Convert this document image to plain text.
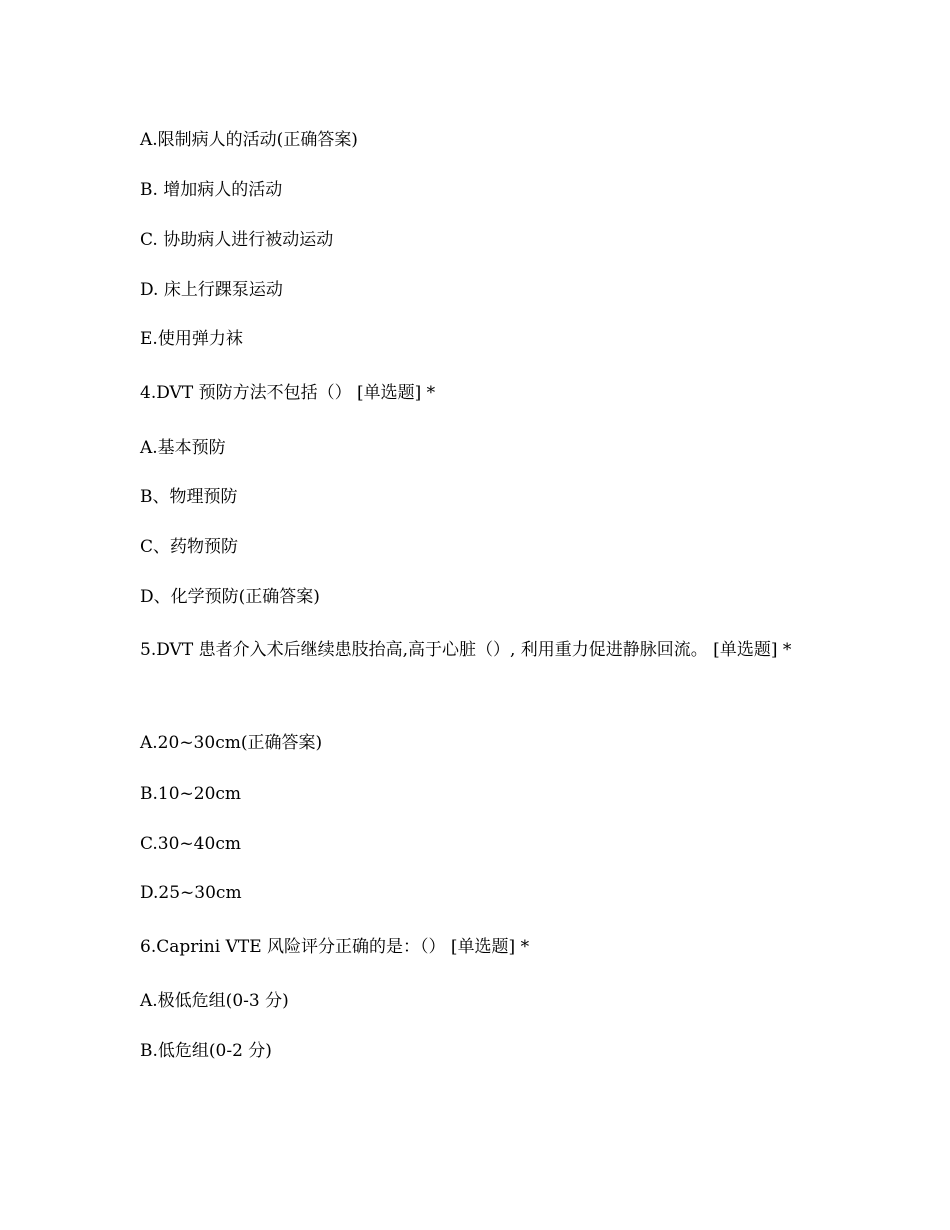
A.限制病人的活动(正确答案)
B. 增加病人的活动
C. 协助病人进行被动运动
D. 床上行踝泵运动
E.使用弹力袜
4.DVT 预防方法不包括（） [单选题] *
A.基本预防
B、物理预防
C、药物预防
D、化学预防(正确答案)
5.DVT 患者介入术后继续患肢抬高,高于心脏（）, 利用重力促进静脉回流。 [单选题] *
A.20~30cm(正确答案)
B.10~20cm
C.30~40cm
D.25~30cm
6.Caprini VTE 风险评分正确的是：（） [单选题] *
A.极低危组(0-3 分)
B.低危组(0-2 分)
